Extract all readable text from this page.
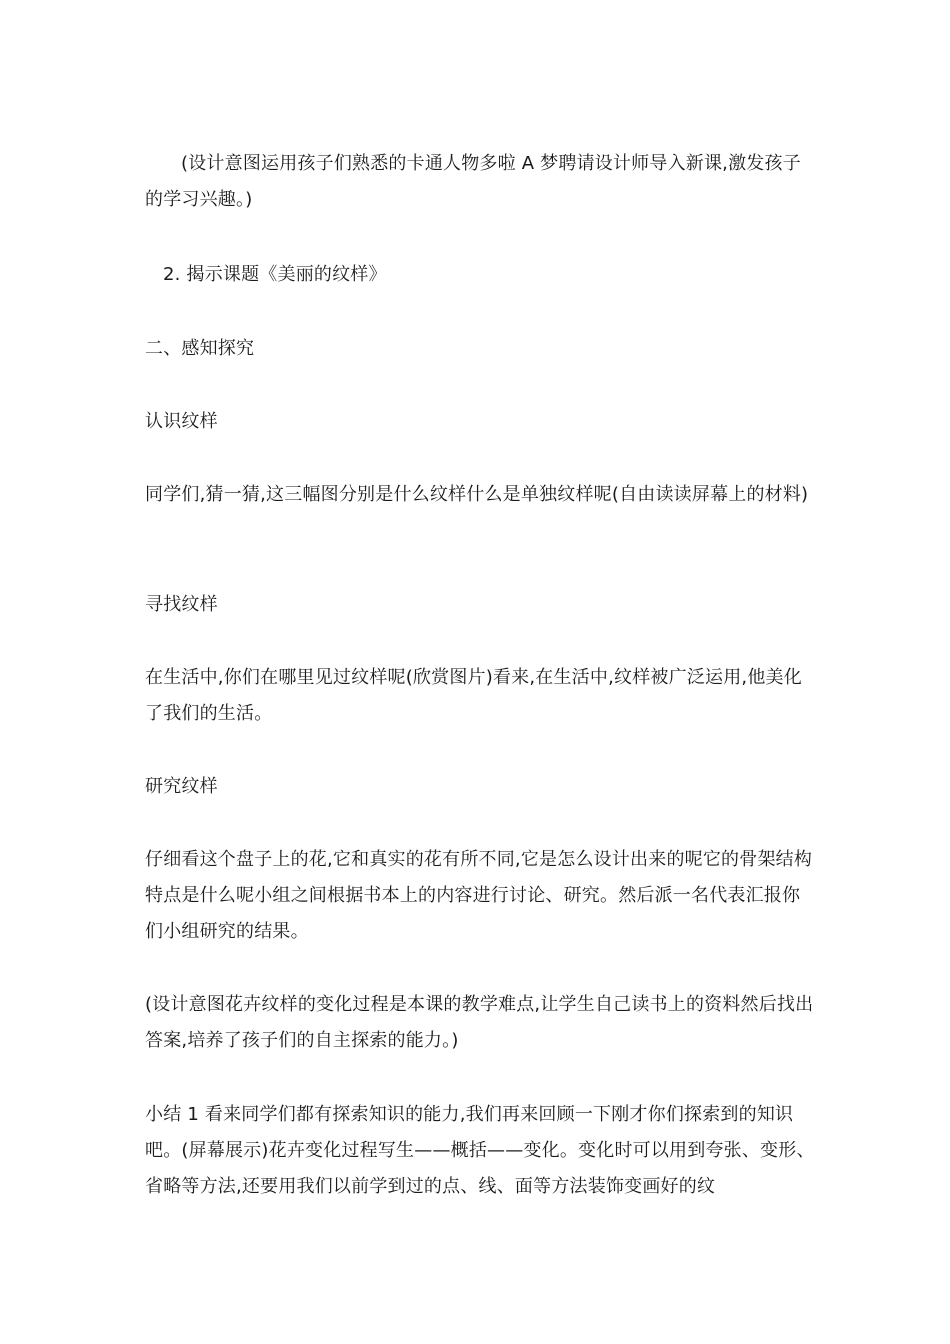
(设计意图运用孩子们熟悉的卡通人物多啦 A 梦聘请设计师导入新课,激发孩子的学习兴趣。)

2. 揭示课题《美丽的纹样》

二、感知探究

认识纹样

同学们,猜一猜,这三幅图分别是什么纹样什么是单独纹样呢(自由读读屏幕上的材料)

寻找纹样

在生活中,你们在哪里见过纹样呢(欣赏图片)看来,在生活中,纹样被广泛运用,他美化了我们的生活。

研究纹样

仔细看这个盘子上的花,它和真实的花有所不同,它是怎么设计出来的呢它的骨架结构特点是什么呢小组之间根据书本上的内容进行讨论、研究。然后派一名代表汇报你们小组研究的结果。

(设计意图花卉纹样的变化过程是本课的教学难点,让学生自己读书上的资料然后找出答案,培养了孩子们的自主探索的能力。)

小结 1 看来同学们都有探索知识的能力,我们再来回顾一下刚才你们探索到的知识吧。(屏幕展示)花卉变化过程写生——概括——变化。变化时可以用到夸张、变形、省略等方法,还要用我们以前学到过的点、线、面等方法装饰变画好的纹
